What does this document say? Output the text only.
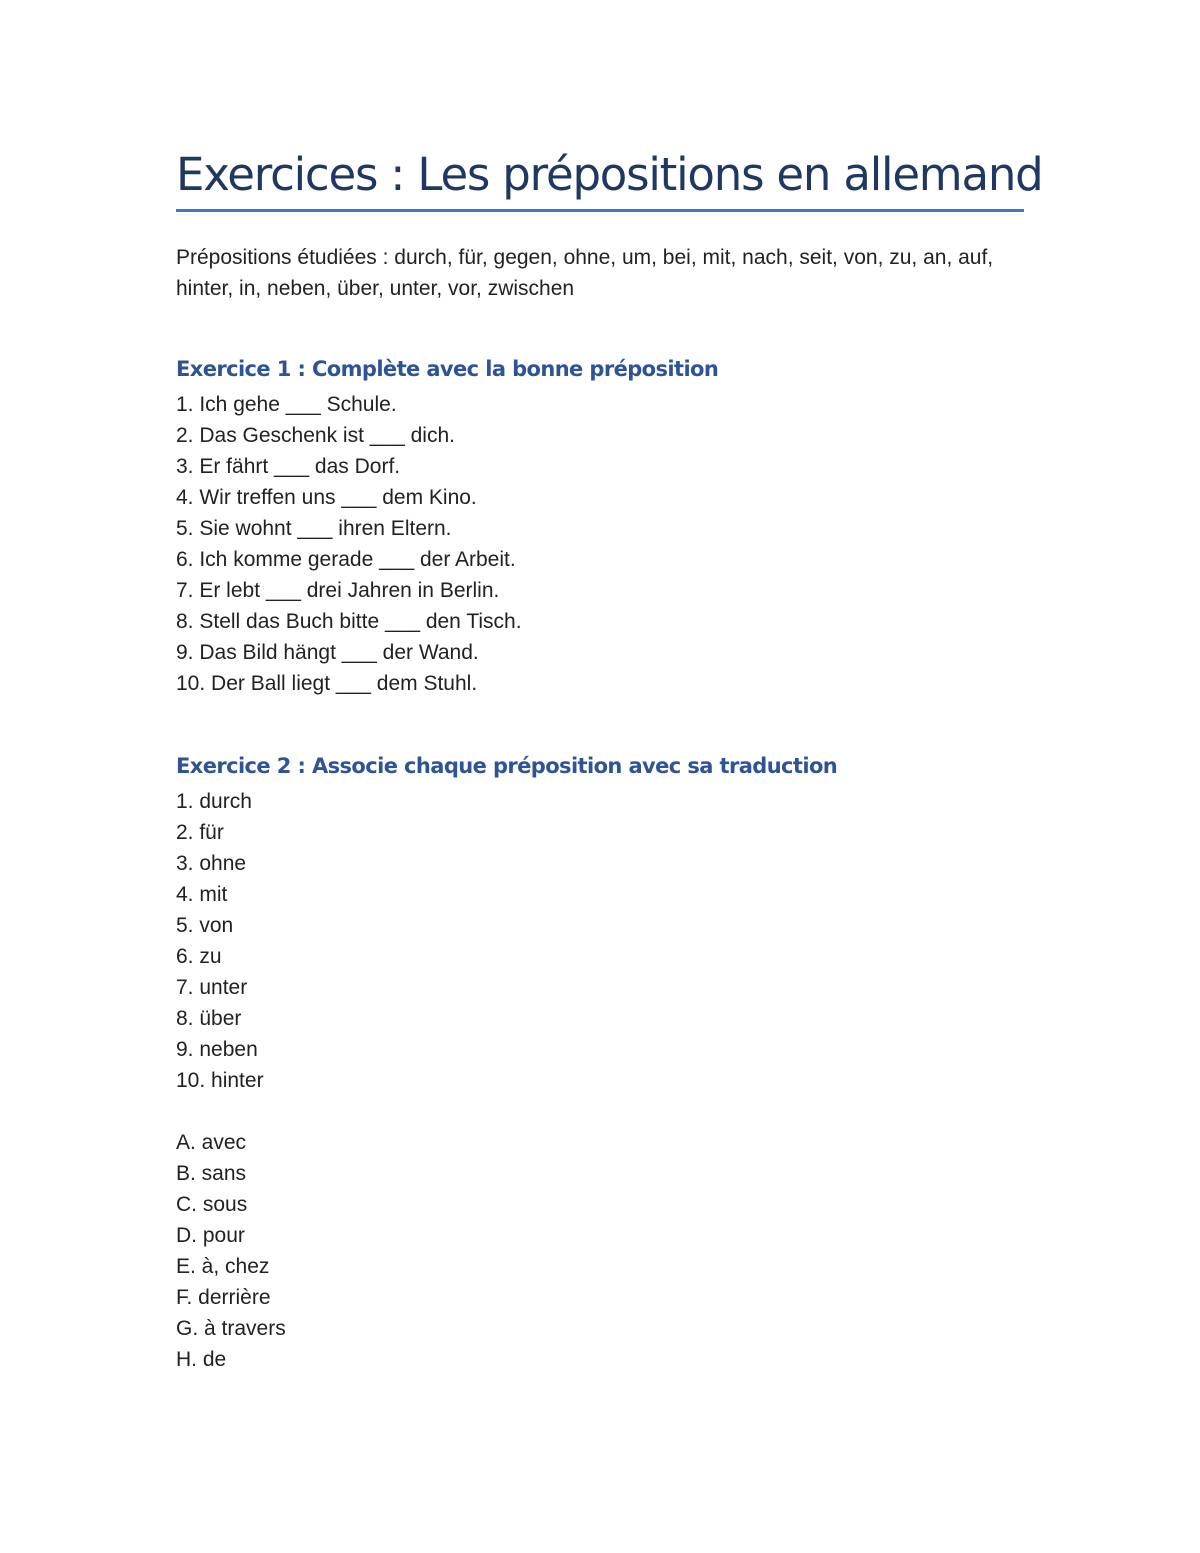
Exercices : Les prépositions en allemand

Prépositions étudiées : durch, für, gegen, ohne, um, bei, mit, nach, seit, von, zu, an, auf, hinter, in, neben, über, unter, vor, zwischen

Exercice 1 : Complète avec la bonne préposition
1. Ich gehe ___ Schule.
2. Das Geschenk ist ___ dich.
3. Er fährt ___ das Dorf.
4. Wir treffen uns ___ dem Kino.
5. Sie wohnt ___ ihren Eltern.
6. Ich komme gerade ___ der Arbeit.
7. Er lebt ___ drei Jahren in Berlin.
8. Stell das Buch bitte ___ den Tisch.
9. Das Bild hängt ___ der Wand.
10. Der Ball liegt ___ dem Stuhl.
Exercice 2 : Associe chaque préposition avec sa traduction
1. durch
2. für
3. ohne
4. mit
5. von
6. zu
7. unter
8. über
9. neben
10. hinter
A. avec
B. sans
C. sous
D. pour
E. à, chez
F. derrière
G. à travers
H. de
